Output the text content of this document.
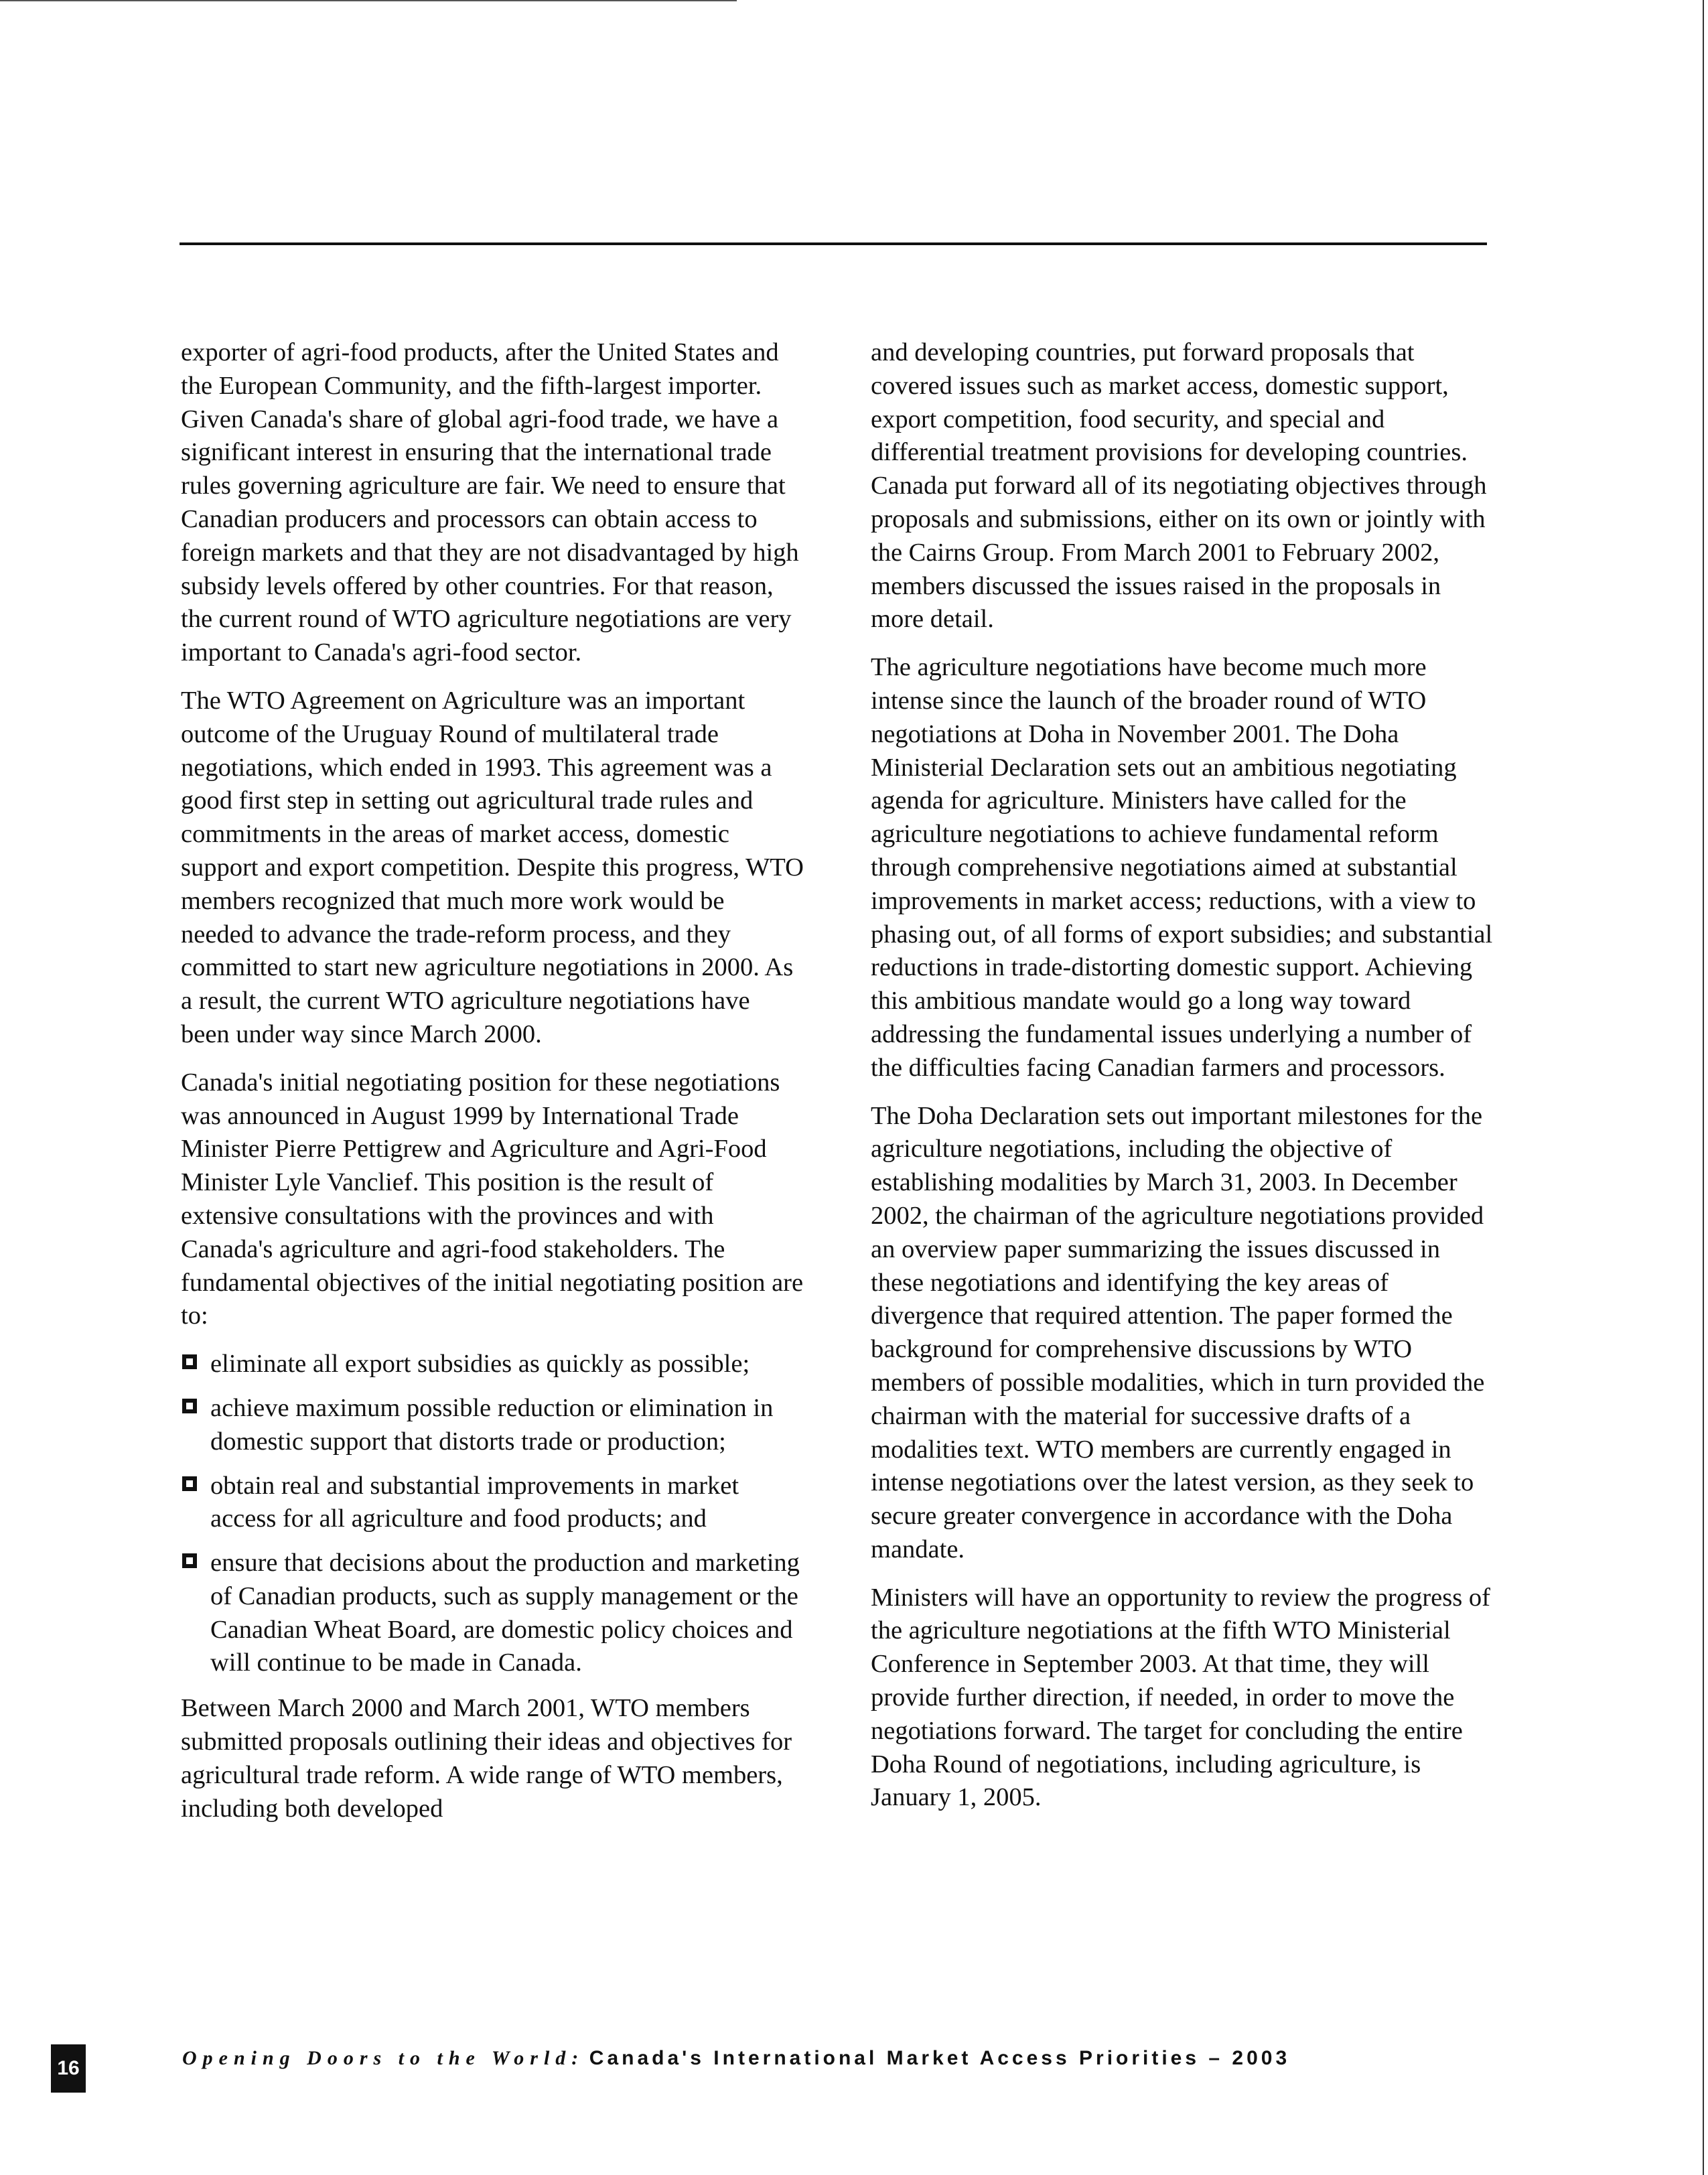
exporter of agri-food products, after the United States and the European Community, and the fifth-largest importer. Given Canada's share of global agri-food trade, we have a significant interest in ensuring that the international trade rules governing agriculture are fair. We need to ensure that Canadian producers and processors can obtain access to foreign markets and that they are not disadvantaged by high subsidy levels offered by other countries. For that reason, the current round of WTO agriculture negotiations are very important to Canada's agri-food sector.

The WTO Agreement on Agriculture was an important outcome of the Uruguay Round of multilateral trade negotiations, which ended in 1993. This agreement was a good first step in setting out agricultural trade rules and commitments in the areas of market access, domestic support and export competition. Despite this progress, WTO members recognized that much more work would be needed to advance the trade-reform process, and they committed to start new agriculture negotiations in 2000. As a result, the current WTO agriculture negotiations have been under way since March 2000.

Canada's initial negotiating position for these negotiations was announced in August 1999 by International Trade Minister Pierre Pettigrew and Agriculture and Agri-Food Minister Lyle Vanclief. This position is the result of extensive consultations with the provinces and with Canada's agriculture and agri-food stakeholders. The fundamental objectives of the initial negotiating position are to:

eliminate all export subsidies as quickly as possible;
achieve maximum possible reduction or elimination in domestic support that distorts trade or production;
obtain real and substantial improvements in market access for all agriculture and food products; and
ensure that decisions about the production and marketing of Canadian products, such as supply management or the Canadian Wheat Board, are domestic policy choices and will continue to be made in Canada.

Between March 2000 and March 2001, WTO members submitted proposals outlining their ideas and objectives for agricultural trade reform. A wide range of WTO members, including both developed

and developing countries, put forward proposals that covered issues such as market access, domestic support, export competition, food security, and special and differential treatment provisions for developing countries. Canada put forward all of its negotiating objectives through proposals and submissions, either on its own or jointly with the Cairns Group. From March 2001 to February 2002, members discussed the issues raised in the proposals in more detail.

The agriculture negotiations have become much more intense since the launch of the broader round of WTO negotiations at Doha in November 2001. The Doha Ministerial Declaration sets out an ambitious negotiating agenda for agriculture. Ministers have called for the agriculture negotiations to achieve fundamental reform through comprehensive negotiations aimed at substantial improvements in market access; reductions, with a view to phasing out, of all forms of export subsidies; and substantial reductions in trade-distorting domestic support. Achieving this ambitious mandate would go a long way toward addressing the fundamental issues underlying a number of the difficulties facing Canadian farmers and processors.

The Doha Declaration sets out important milestones for the agriculture negotiations, including the objective of establishing modalities by March 31, 2003. In December 2002, the chairman of the agriculture negotiations provided an overview paper summarizing the issues discussed in these negotiations and identifying the key areas of divergence that required attention. The paper formed the background for comprehensive discussions by WTO members of possible modalities, which in turn provided the chairman with the material for successive drafts of a modalities text. WTO members are currently engaged in intense negotiations over the latest version, as they seek to secure greater convergence in accordance with the Doha mandate.

Ministers will have an opportunity to review the progress of the agriculture negotiations at the fifth WTO Ministerial Conference in September 2003. At that time, they will provide further direction, if needed, in order to move the negotiations forward. The target for concluding the entire Doha Round of negotiations, including agriculture, is January 1, 2005.

16	Opening Doors to the World: Canada's International Market Access Priorities – 2003
